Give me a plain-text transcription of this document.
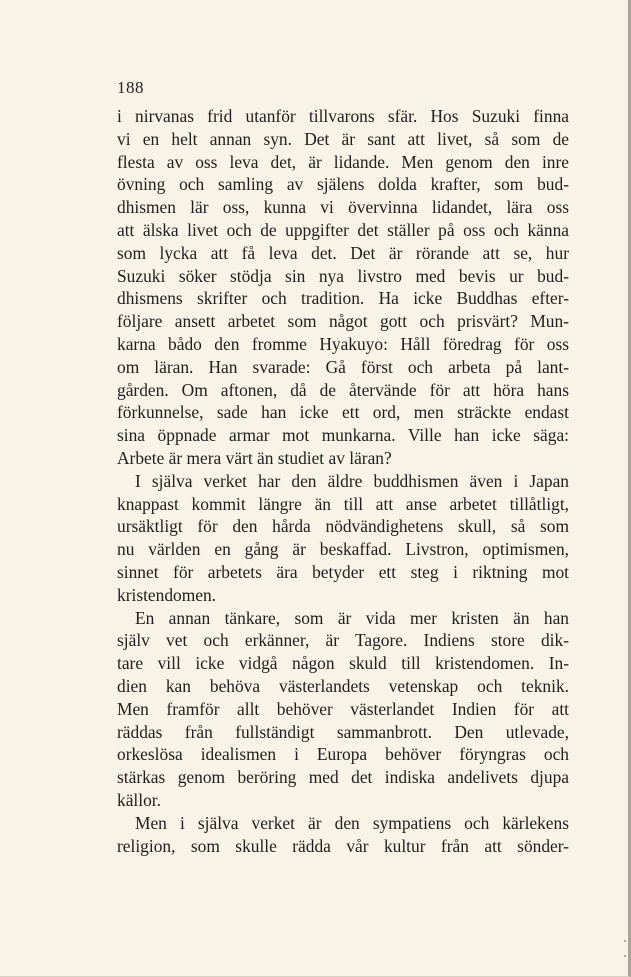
188
i nirvanas frid utanför tillvarons sfär. Hos Suzuki finna
vi en helt annan syn. Det är sant att livet, så som de
flesta av oss leva det, är lidande. Men genom den inre
övning och samling av själens dolda krafter, som bud-
dhismen lär oss, kunna vi övervinna lidandet, lära oss
att älska livet och de uppgifter det ställer på oss och känna
som lycka att få leva det. Det är rörande att se, hur
Suzuki söker stödja sin nya livstro med bevis ur bud-
dhismens skrifter och tradition. Ha icke Buddhas efter-
följare ansett arbetet som något gott och prisvärt? Mun-
karna bådo den fromme Hyakuyo: Håll föredrag för oss
om läran. Han svarade: Gå först och arbeta på lant-
gården. Om aftonen, då de återvände för att höra hans
förkunnelse, sade han icke ett ord, men sträckte endast
sina öppnade armar mot munkarna. Ville han icke säga:
Arbete är mera värt än studiet av läran?
I själva verket har den äldre buddhismen även i Japan
knappast kommit längre än till att anse arbetet tillåtligt,
ursäktligt för den hårda nödvändighetens skull, så som
nu världen en gång är beskaffad. Livstron, optimismen,
sinnet för arbetets ära betyder ett steg i riktning mot
kristendomen.
En annan tänkare, som är vida mer kristen än han
själv vet och erkänner, är Tagore. Indiens store dik-
tare vill icke vidgå någon skuld till kristendomen. In-
dien kan behöva västerlandets vetenskap och teknik.
Men framför allt behöver västerlandet Indien för att
räddas från fullständigt sammanbrott. Den utlevade,
orkeslösa idealismen i Europa behöver föryngras och
stärkas genom beröring med det indiska andelivets djupa
källor.
Men i själva verket är den sympatiens och kärlekens
religion, som skulle rädda vår kultur från att sönder-
